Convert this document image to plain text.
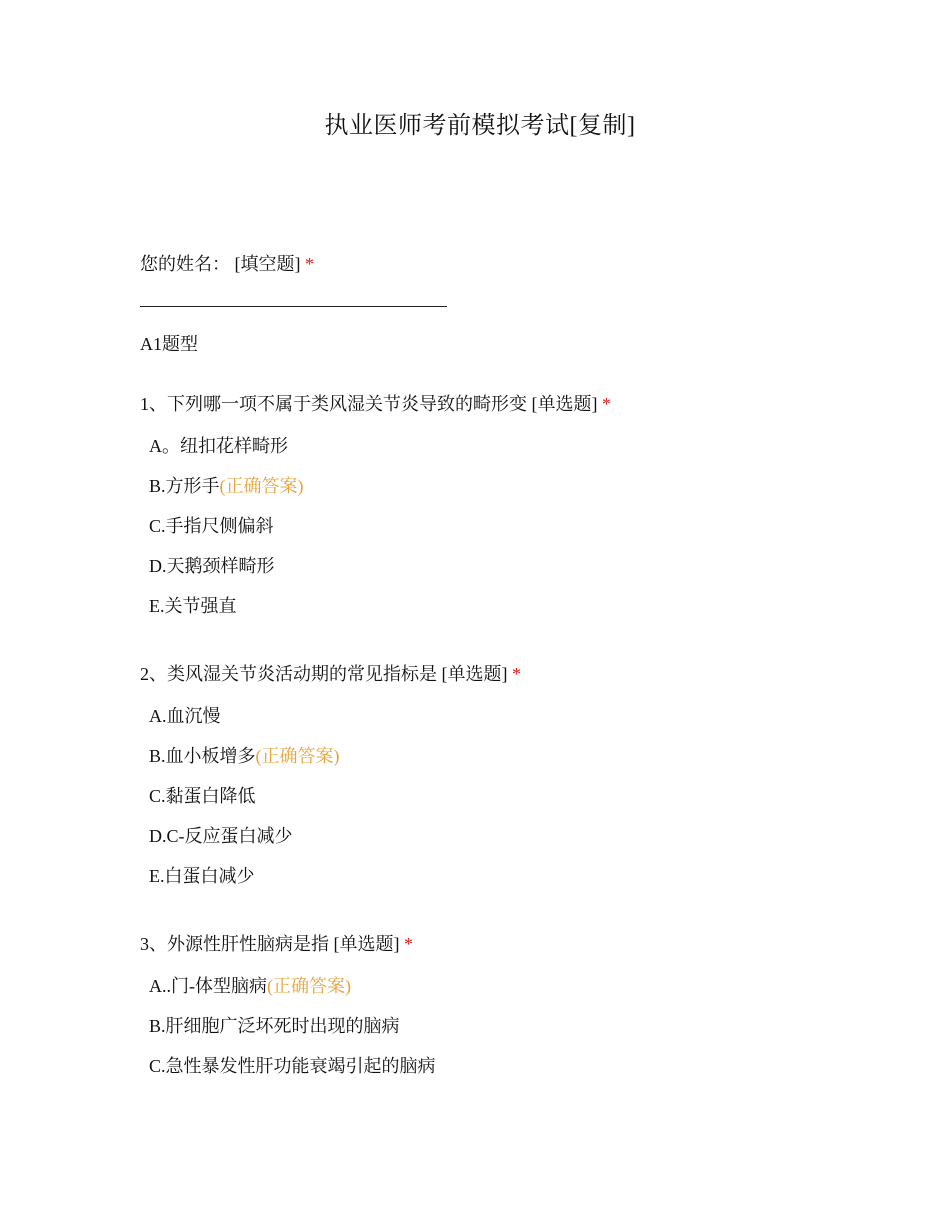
执业医师考前模拟考试[复制]
您的姓名： [填空题] *
A1题型
1、下列哪一项不属于类风湿关节炎导致的畸形变 [单选题] *
A。纽扣花样畸形
B.方形手(正确答案)
C.手指尺侧偏斜
D.天鹅颈样畸形
E.关节强直
2、类风湿关节炎活动期的常见指标是 [单选题] *
A.血沉慢
B.血小板增多(正确答案)
C.黏蛋白降低
D.C-反应蛋白减少
E.白蛋白减少
3、外源性肝性脑病是指 [单选题] *
A..门-体型脑病(正确答案)
B.肝细胞广泛坏死时出现的脑病
C.急性暴发性肝功能衰竭引起的脑病
